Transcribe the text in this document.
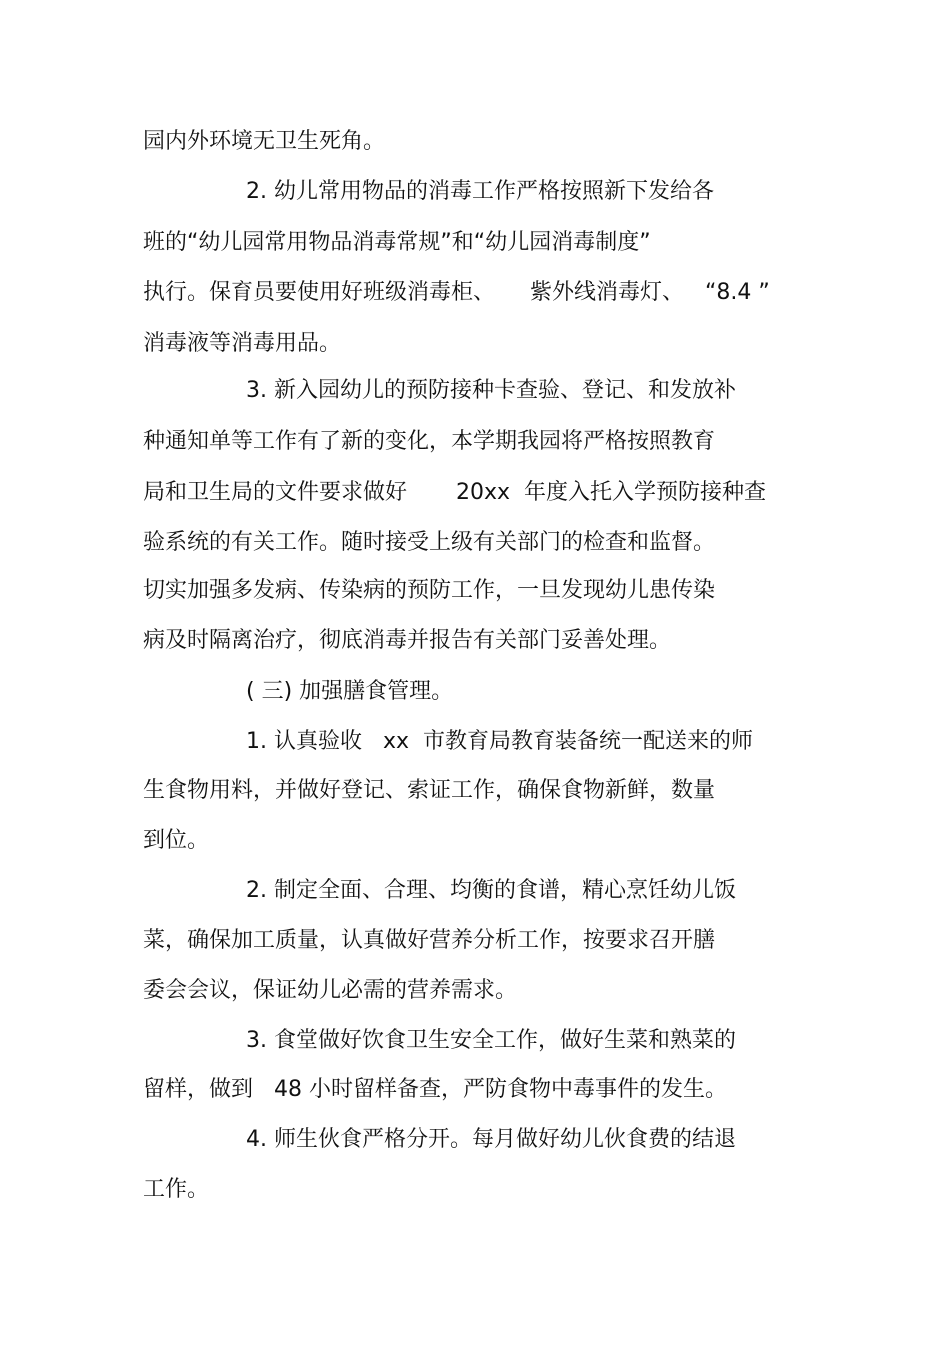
园内外环境无卫生死角。
2. 幼儿常用物品的消毒工作严格按照新下发给各
班的“幼儿园常用物品消毒常规”和“幼儿园消毒制度”
执行。保育员要使用好班级消毒柜、     紫外线消毒灯、   “8.4 ”
消毒液等消毒用品。
3. 新入园幼儿的预防接种卡查验、登记、和发放补
种通知单等工作有了新的变化，本学期我园将严格按照教育
局和卫生局的文件要求做好       20xx  年度入托入学预防接种查
验系统的有关工作。随时接受上级有关部门的检查和监督。
切实加强多发病、传染病的预防工作，一旦发现幼儿患传染
病及时隔离治疗，彻底消毒并报告有关部门妥善处理。
( 三) 加强膳食管理。
1. 认真验收   xx  市教育局教育装备统一配送来的师
生食物用料，并做好登记、索证工作，确保食物新鲜，数量
到位。
2. 制定全面、合理、均衡的食谱，精心烹饪幼儿饭
菜，确保加工质量，认真做好营养分析工作，按要求召开膳
委会会议，保证幼儿必需的营养需求。
3. 食堂做好饮食卫生安全工作，做好生菜和熟菜的
留样，做到   48 小时留样备查，严防食物中毒事件的发生。
4. 师生伙食严格分开。每月做好幼儿伙食费的结退
工作。
